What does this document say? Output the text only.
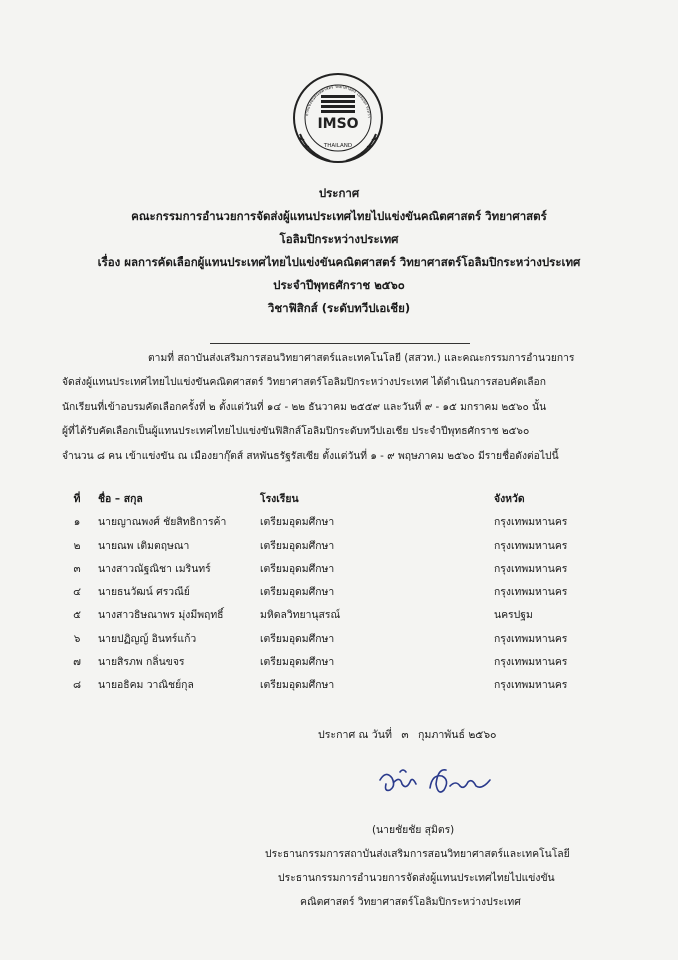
IMSO
THAILAND
การแข่งขันคณิตศาสตร์ วิทยาศาสตร์ โอลิมปิก ระหว่า
ประกาศ
คณะกรรมการอำนวยการจัดส่งผู้แทนประเทศไทยไปแข่งขันคณิตศาสตร์ วิทยาศาสตร์
โอลิมปิกระหว่างประเทศ
เรื่อง ผลการคัดเลือกผู้แทนประเทศไทยไปแข่งขันคณิตศาสตร์ วิทยาศาสตร์โอลิมปิกระหว่างประเทศ
ประจำปีพุทธศักราช ๒๕๖๐
วิชาฟิสิกส์ (ระดับทวีปเอเชีย)
ตามที่ สถาบันส่งเสริมการสอนวิทยาศาสตร์และเทคโนโลยี (สสวท.) และคณะกรรมการอำนวยการ
จัดส่งผู้แทนประเทศไทยไปแข่งขันคณิตศาสตร์ วิทยาศาสตร์โอลิมปิกระหว่างประเทศ ได้ดำเนินการสอบคัดเลือก
นักเรียนที่เข้าอบรมคัดเลือกครั้งที่ ๒ ตั้งแต่วันที่ ๑๔ - ๒๒ ธันวาคม ๒๕๕๙ และวันที่ ๙ - ๑๕ มกราคม ๒๕๖๐ นั้น
ผู้ที่ได้รับคัดเลือกเป็นผู้แทนประเทศไทยไปแข่งขันฟิสิกส์โอลิมปิกระดับทวีปเอเชีย ประจำปีพุทธศักราช ๒๕๖๐
จำนวน ๘ คน เข้าแข่งขัน ณ เมืองยากุ๊ตส์ สหพันธรัฐรัสเซีย ตั้งแต่วันที่ ๑ - ๙ พฤษภาคม ๒๕๖๐ มีรายชื่อดังต่อไปนี้
ที่	ชื่อ – สกุล	โรงเรียน	จังหวัด
๑	นายญาณพงศ์ ชัยสิทธิการค้า	เตรียมอุดมศึกษา	กรุงเทพมหานคร
๒	นายณพ เติมตฤษณา	เตรียมอุดมศึกษา	กรุงเทพมหานคร
๓	นางสาวณัฐณิชา เมรินทร์	เตรียมอุดมศึกษา	กรุงเทพมหานคร
๔	นายธนวัฒน์ ศรวณีย์	เตรียมอุดมศึกษา	กรุงเทพมหานคร
๕	นางสาวธิษณาพร มุ่งมีพฤทธิ์	มหิดลวิทยานุสรณ์	นครปฐม
๖	นายปฏิญญ์ อินทร์แก้ว	เตรียมอุดมศึกษา	กรุงเทพมหานคร
๗	นายสิรภพ กลิ่นขจร	เตรียมอุดมศึกษา	กรุงเทพมหานคร
๘	นายอธิคม วาณิชย์กุล	เตรียมอุดมศึกษา	กรุงเทพมหานคร
ประกาศ ณ วันที่ ๓ กุมภาพันธ์ ๒๕๖๐
(นายชัยชัย สุมิตร)
ประธานกรรมการสถาบันส่งเสริมการสอนวิทยาศาสตร์และเทคโนโลยี
ประธานกรรมการอำนวยการจัดส่งผู้แทนประเทศไทยไปแข่งขัน
คณิตศาสตร์ วิทยาศาสตร์โอลิมปิกระหว่างประเทศ
